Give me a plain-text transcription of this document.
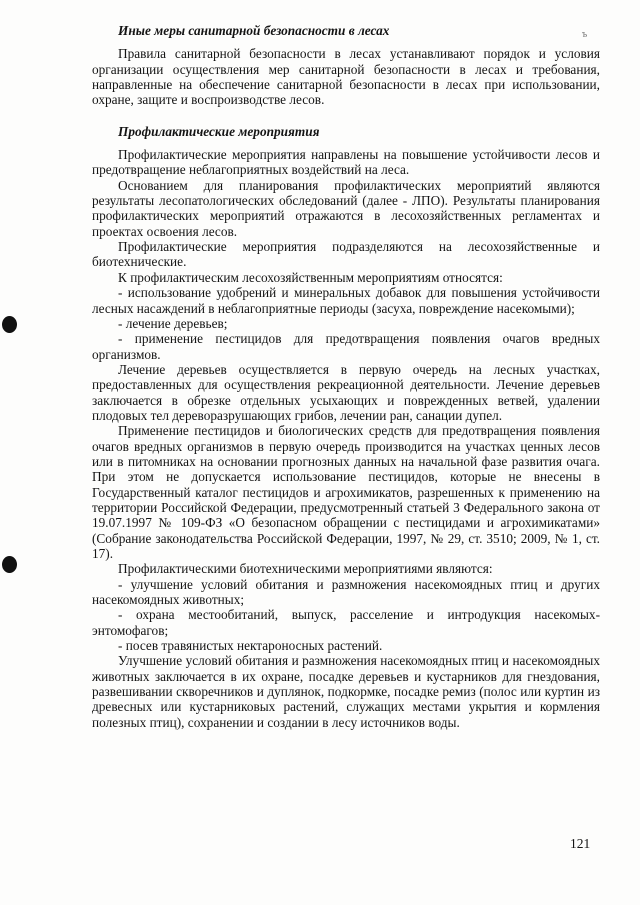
ъ
Иные меры санитарной безопасности в лесах

Правила санитарной безопасности в лесах устанавливают порядок и условия организации осуществления мер санитарной безопасности в лесах и требования, направленные на обеспечение санитарной безопасности в лесах при использовании, охране, защите и воспроизводстве лесов.

Профилактические мероприятия

Профилактические мероприятия направлены на повышение устойчивости лесов и предотвращение неблагоприятных воздействий на леса.

Основанием для планирования профилактических мероприятий являются результаты лесопатологических обследований (далее - ЛПО). Результаты планирования профилактических мероприятий отражаются в лесохозяйственных регламентах и проектах освоения лесов.

Профилактические мероприятия подразделяются на лесохозяйственные и биотехнические.

К профилактическим лесохозяйственным мероприятиям относятся:

- использование удобрений и минеральных добавок для повышения устойчивости лесных насаждений в неблагоприятные периоды (засуха, повреждение насекомыми);

- лечение деревьев;

- применение пестицидов для предотвращения появления очагов вредных организмов.

Лечение деревьев осуществляется в первую очередь на лесных участках, предоставленных для осуществления рекреационной деятельности. Лечение деревьев заключается в обрезке отдельных усыхающих и поврежденных ветвей, удалении плодовых тел дереворазрушающих грибов, лечении ран, санации дупел.

Применение пестицидов и биологических средств для предотвращения появления очагов вредных организмов в первую очередь производится на участках ценных лесов или в питомниках на основании прогнозных данных на начальной фазе развития очага. При этом не допускается использование пестицидов, которые не внесены в Государственный каталог пестицидов и агрохимикатов, разрешенных к применению на территории Российской Федерации, предусмотренный статьей 3 Федерального закона от 19.07.1997 № 109-ФЗ «О безопасном обращении с пестицидами и агрохимикатами» (Собрание законодательства Российской Федерации, 1997, № 29, ст. 3510; 2009, № 1, ст. 17).

Профилактическими биотехническими мероприятиями являются:

- улучшение условий обитания и размножения насекомоядных птиц и других насекомоядных животных;

- охрана местообитаний, выпуск, расселение и интродукция насекомых-энтомофагов;

- посев травянистых нектароносных растений.

Улучшение условий обитания и размножения насекомоядных птиц и насекомоядных животных заключается в их охране, посадке деревьев и кустарников для гнездования, развешивании скворечников и дуплянок, подкормке, посадке ремиз (полос или куртин из древесных или кустарниковых растений, служащих местами укрытия и кормления полезных птиц), сохранении и создании в лесу источников воды.

121
